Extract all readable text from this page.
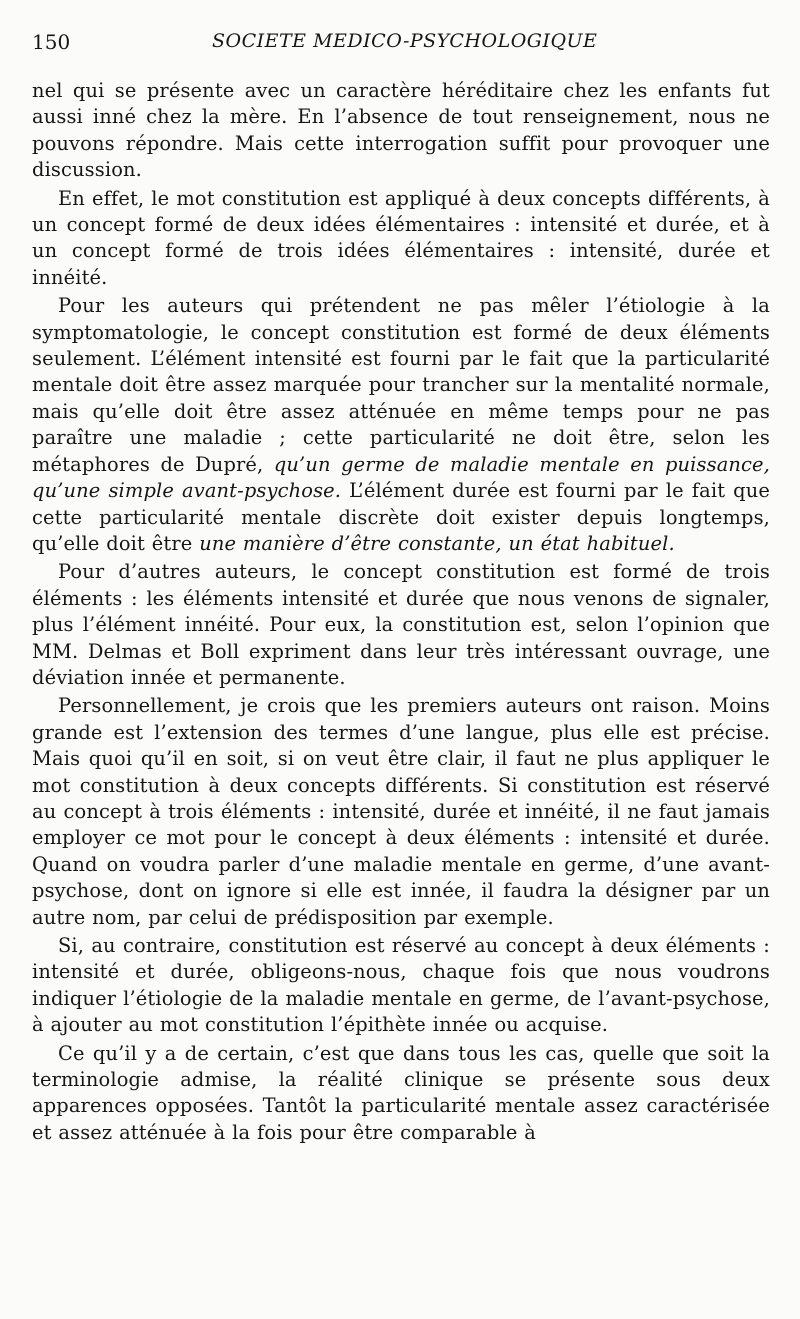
150	SOCIETE MEDICO-PSYCHOLOGIQUE

nel qui se présente avec un caractère héréditaire chez les enfants fut aussi inné chez la mère. En l’absence de tout renseignement, nous ne pouvons répondre. Mais cette interrogation suffit pour provoquer une discussion.

En effet, le mot constitution est appliqué à deux concepts différents, à un concept formé de deux idées élémentaires : intensité et durée, et à un concept formé de trois idées élémentaires : intensité, durée et innéité.

Pour les auteurs qui prétendent ne pas mêler l’étiologie à la symptomatologie, le concept constitution est formé de deux éléments seulement. L’élément intensité est fourni par le fait que la particularité mentale doit être assez marquée pour trancher sur la mentalité normale, mais qu’elle doit être assez atténuée en même temps pour ne pas paraître une maladie ; cette particularité ne doit être, selon les métaphores de Dupré, qu’un germe de maladie mentale en puissance, qu’une simple avant-psychose. L’élément durée est fourni par le fait que cette particularité mentale discrète doit exister depuis longtemps, qu’elle doit être une manière d’être constante, un état habituel.

Pour d’autres auteurs, le concept constitution est formé de trois éléments : les éléments intensité et durée que nous venons de signaler, plus l’élément innéité. Pour eux, la constitution est, selon l’opinion que MM. Delmas et Boll expriment dans leur très intéressant ouvrage, une déviation innée et permanente.

Personnellement, je crois que les premiers auteurs ont raison. Moins grande est l’extension des termes d’une langue, plus elle est précise. Mais quoi qu’il en soit, si on veut être clair, il faut ne plus appliquer le mot constitution à deux concepts différents. Si constitution est réservé au concept à trois éléments : intensité, durée et innéité, il ne faut jamais employer ce mot pour le concept à deux éléments : intensité et durée. Quand on voudra parler d’une maladie mentale en germe, d’une avant-psychose, dont on ignore si elle est innée, il faudra la désigner par un autre nom, par celui de prédisposition par exemple.

Si, au contraire, constitution est réservé au concept à deux éléments : intensité et durée, obligeons-nous, chaque fois que nous voudrons indiquer l’étiologie de la maladie mentale en germe, de l’avant-psychose, à ajouter au mot constitution l’épithète innée ou acquise.

Ce qu’il y a de certain, c’est que dans tous les cas, quelle que soit la terminologie admise, la réalité clinique se présente sous deux apparences opposées. Tantôt la particularité mentale assez caractérisée et assez atténuée à la fois pour être comparable à
